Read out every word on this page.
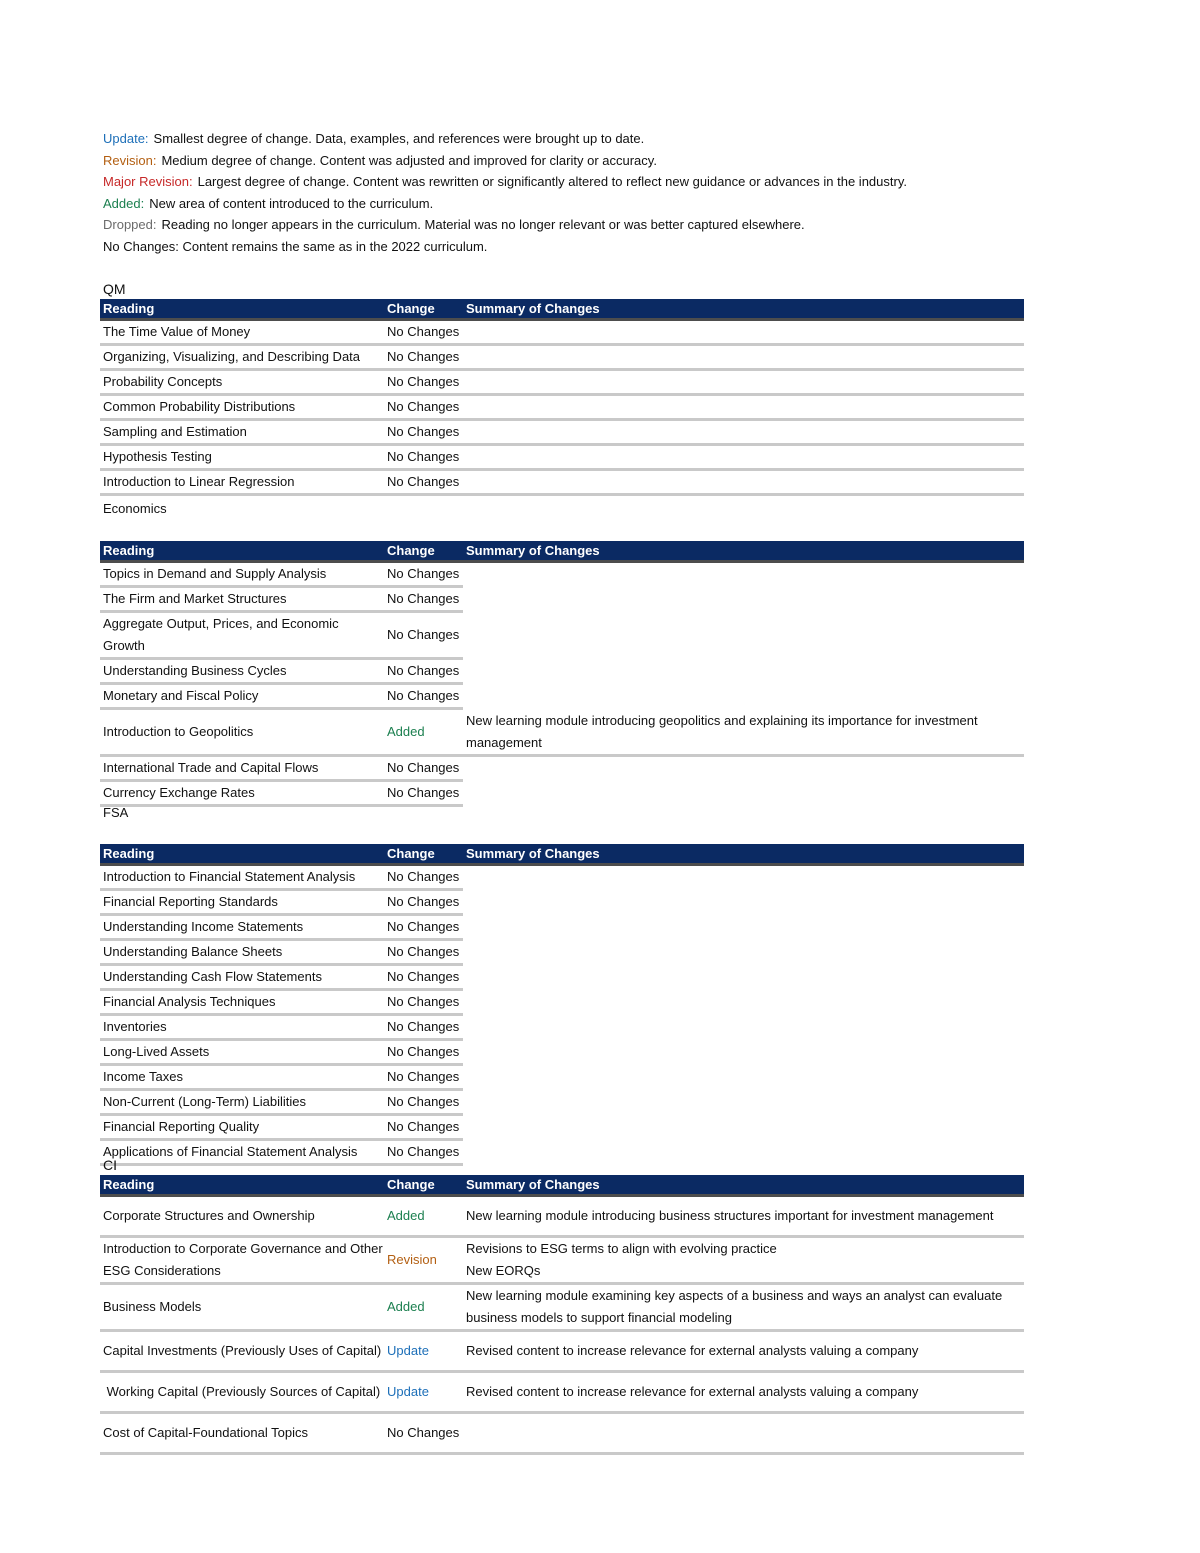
Update: Smallest degree of change. Data, examples, and references were brought up to date.
Revision: Medium degree of change. Content was adjusted and improved for clarity or accuracy.
Major Revision: Largest degree of change. Content was rewritten or significantly altered to reflect new guidance or advances in the industry.
Added: New area of content introduced to the curriculum.
Dropped: Reading no longer appears in the curriculum. Material was no longer relevant or was better captured elsewhere.
No Changes: Content remains the same as in the 2022 curriculum.
QM
Reading	Change	Summary of Changes
The Time Value of Money	No Changes	
Organizing, Visualizing, and Describing Data	No Changes	
Probability Concepts	No Changes	
Common Probability Distributions	No Changes	
Sampling and Estimation	No Changes	
Hypothesis Testing	No Changes	
Introduction to Linear Regression	No Changes	
Economics
Reading	Change	Summary of Changes
Topics in Demand and Supply Analysis	No Changes	
The Firm and Market Structures	No Changes	
Aggregate Output, Prices, and Economic Growth	No Changes	
Understanding Business Cycles	No Changes	
Monetary and Fiscal Policy	No Changes	
Introduction to Geopolitics	Added	New learning module introducing geopolitics and explaining its importance for investment management
International Trade and Capital Flows	No Changes	
Currency Exchange Rates	No Changes	
FSA
Reading	Change	Summary of Changes
Introduction to Financial Statement Analysis	No Changes	
Financial Reporting Standards	No Changes	
Understanding Income Statements	No Changes	
Understanding Balance Sheets	No Changes	
Understanding Cash Flow Statements	No Changes	
Financial Analysis Techniques	No Changes	
Inventories	No Changes	
Long-Lived Assets	No Changes	
Income Taxes	No Changes	
Non-Current (Long-Term) Liabilities	No Changes	
Financial Reporting Quality	No Changes	
Applications of Financial Statement Analysis	No Changes	
CI
Reading	Change	Summary of Changes
Corporate Structures and Ownership	Added	New learning module introducing business structures important for investment management
Introduction to Corporate Governance and Other ESG Considerations	Revision	Revisions to ESG terms to align with evolving practice
New EORQs
Business Models	Added	New learning module examining key aspects of a business and ways an analyst can evaluate business models to support financial modeling
Capital Investments (Previously Uses of Capital)	Update	Revised content to increase relevance for external analysts valuing a company
Working Capital (Previously Sources of Capital)	Update	Revised content to increase relevance for external analysts valuing a company
Cost of Capital-Foundational Topics	No Changes	
